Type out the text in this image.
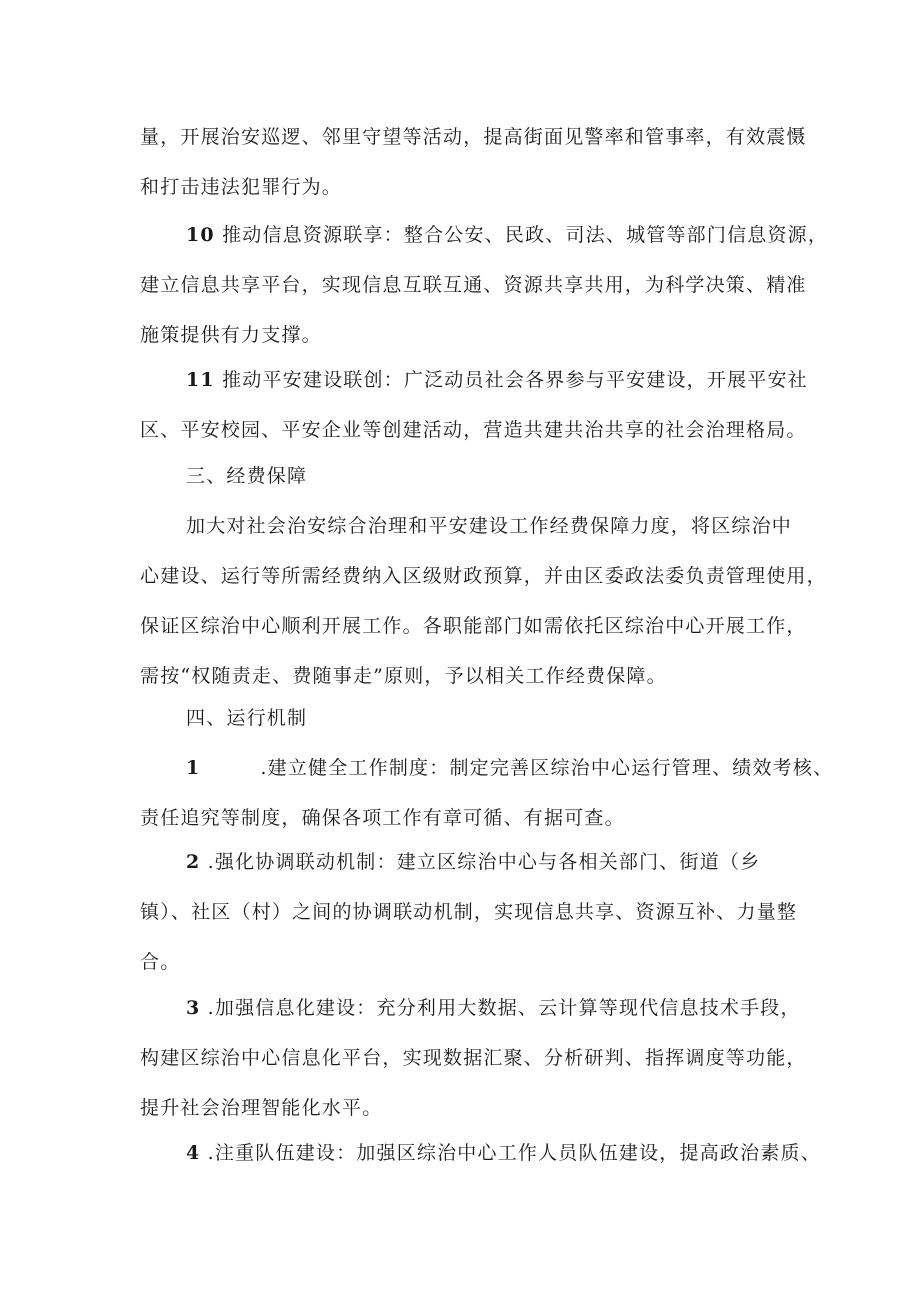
量，开展治安巡逻、邻里守望等活动，提高街面见警率和管事率，有效震慑
和打击违法犯罪行为。
10 推动信息资源联享：整合公安、民政、司法、城管等部门信息资源，
建立信息共享平台，实现信息互联互通、资源共享共用，为科学决策、精准
施策提供有力支撑。
11 推动平安建设联创：广泛动员社会各界参与平安建设，开展平安社
区、平安校园、平安企业等创建活动，营造共建共治共享的社会治理格局。
三、经费保障
加大对社会治安综合治理和平安建设工作经费保障力度，将区综治中
心建设、运行等所需经费纳入区级财政预算，并由区委政法委负责管理使用，
保证区综治中心顺利开展工作。各职能部门如需依托区综治中心开展工作，
需按“权随责走、费随事走”原则，予以相关工作经费保障。
四、运行机制
1	.建立健全工作制度：制定完善区综治中心运行管理、绩效考核、
责任追究等制度，确保各项工作有章可循、有据可查。
2 .强化协调联动机制：建立区综治中心与各相关部门、街道（乡
镇）、社区（村）之间的协调联动机制，实现信息共享、资源互补、力量整
合。
3 .加强信息化建设：充分利用大数据、云计算等现代信息技术手段，
构建区综治中心信息化平台，实现数据汇聚、分析研判、指挥调度等功能，
提升社会治理智能化水平。
4 .注重队伍建设：加强区综治中心工作人员队伍建设，提高政治素质、
